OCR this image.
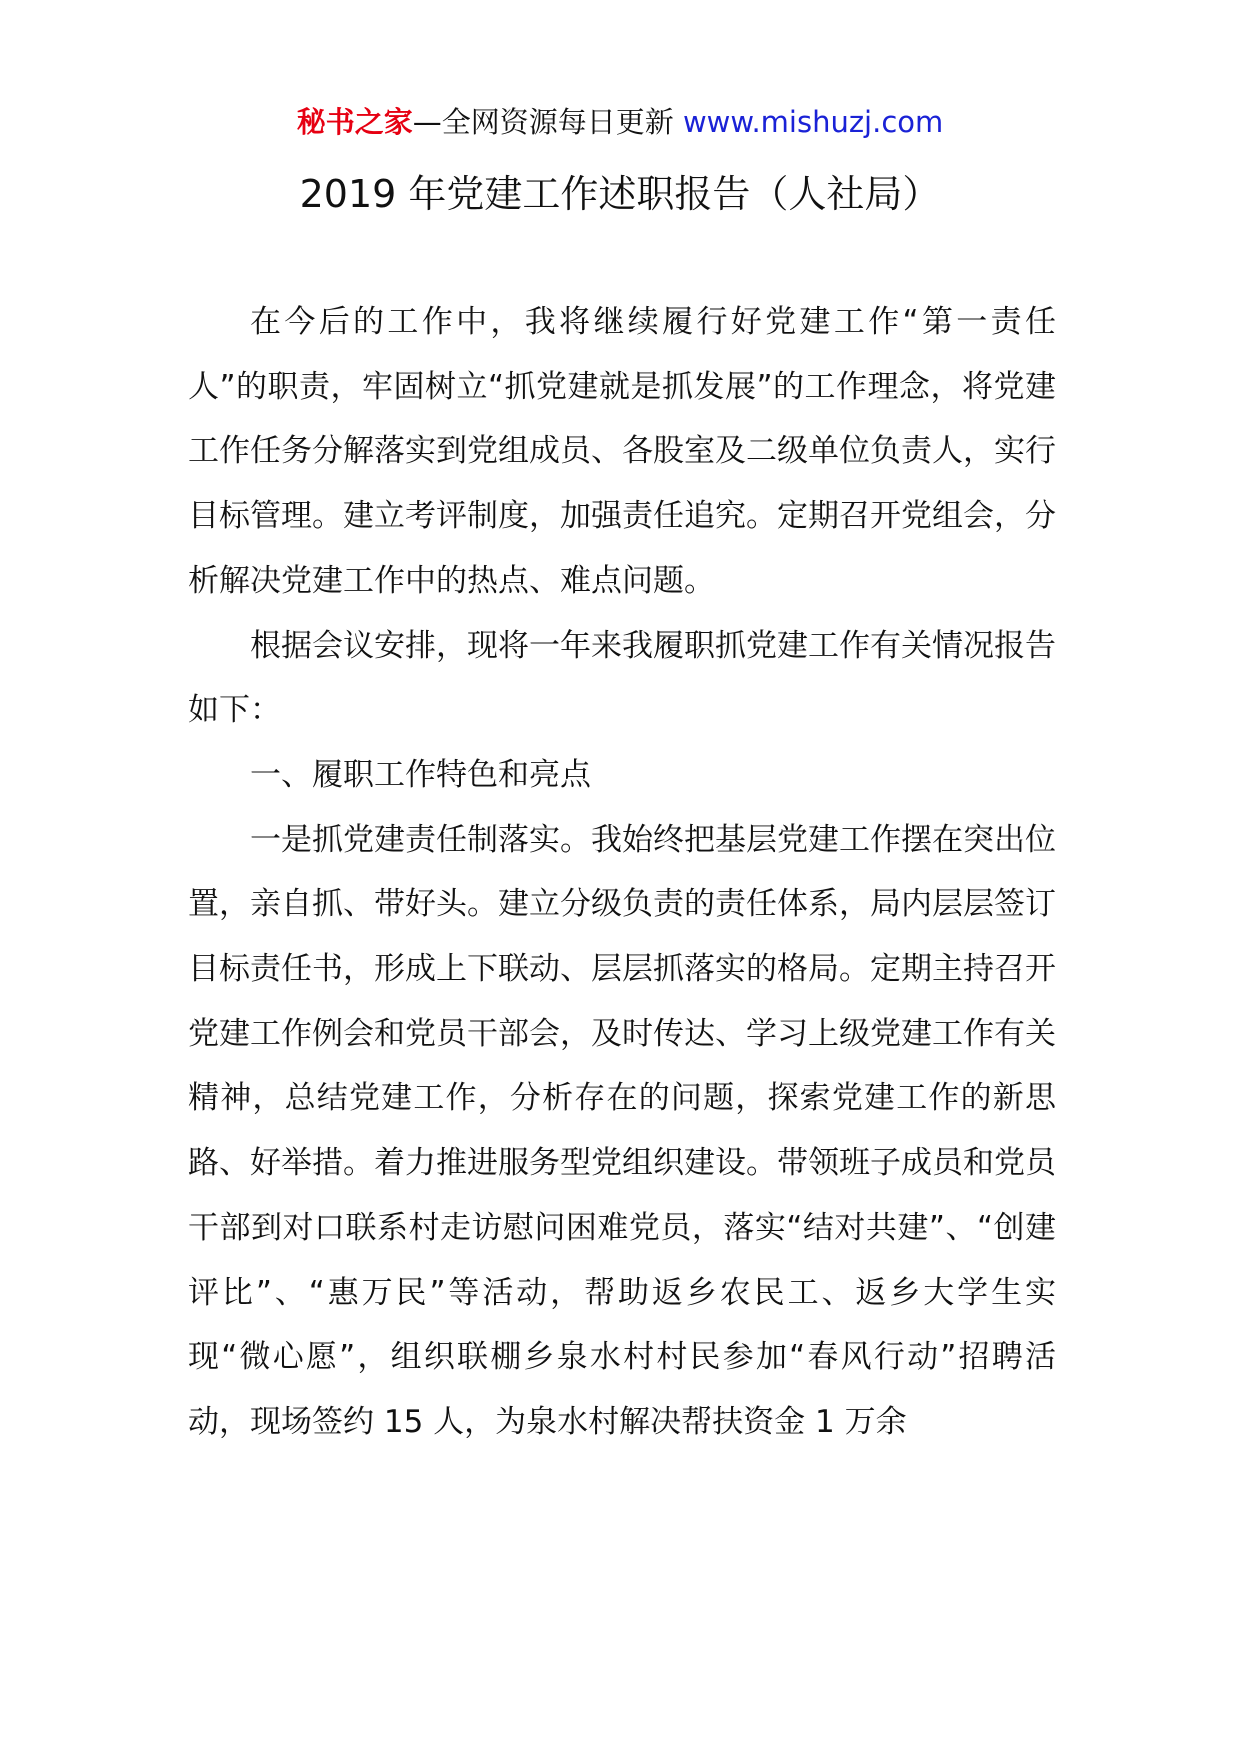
秘书之家—全网资源每日更新 www.mishuzj.com
2019 年党建工作述职报告（人社局）

在今后的工作中，我将继续履行好党建工作“第一责任人”的职责，牢固树立“抓党建就是抓发展”的工作理念，将党建工作任务分解落实到党组成员、各股室及二级单位负责人，实行目标管理。建立考评制度，加强责任追究。定期召开党组会，分析解决党建工作中的热点、难点问题。

根据会议安排，现将一年来我履职抓党建工作有关情况报告如下：

一、履职工作特色和亮点

一是抓党建责任制落实。我始终把基层党建工作摆在突出位置，亲自抓、带好头。建立分级负责的责任体系，局内层层签订目标责任书，形成上下联动、层层抓落实的格局。定期主持召开党建工作例会和党员干部会，及时传达、学习上级党建工作有关精神，总结党建工作，分析存在的问题，探索党建工作的新思路、好举措。着力推进服务型党组织建设。带领班子成员和党员干部到对口联系村走访慰问困难党员，落实“结对共建”、“创建评比”、“惠万民”等活动，帮助返乡农民工、返乡大学生实现“微心愿”，组织联棚乡泉水村村民参加“春风行动”招聘活动，现场签约 15 人，为泉水村解决帮扶资金 1 万余
